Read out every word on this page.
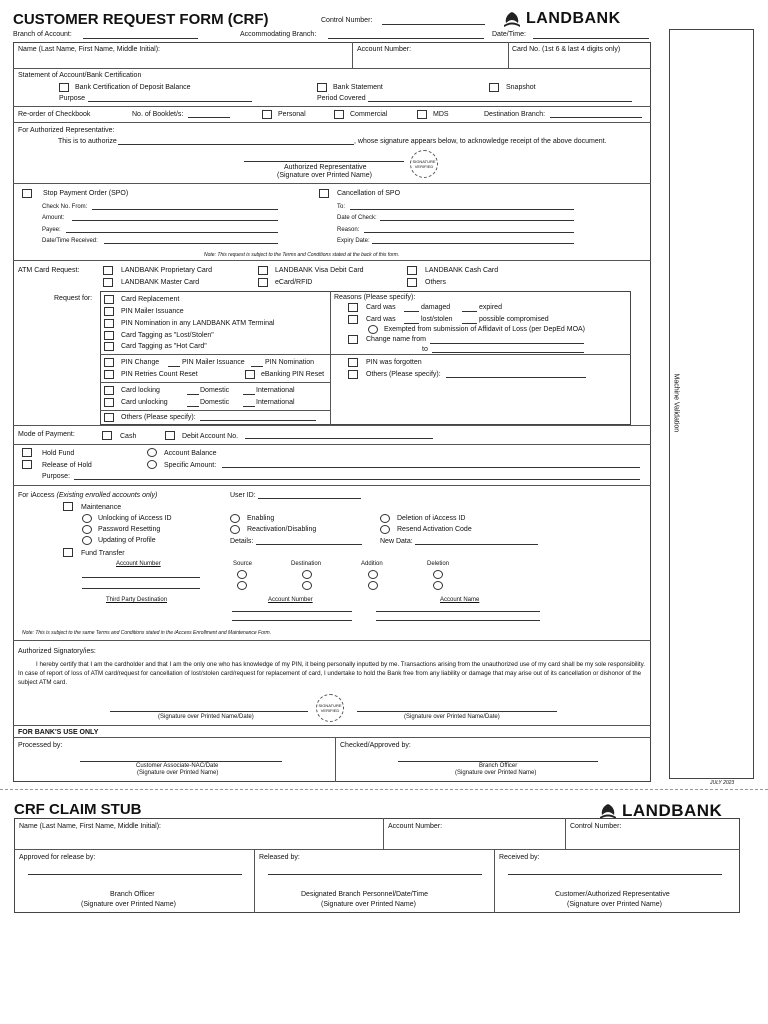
CUSTOMER REQUEST FORM (CRF)	Control Number:	LANDBANK
Branch of Account:	Accommodating Branch:	Date/Time:
Machine Validation
JULY 2023
Name (Last Name, First Name, Middle Initial):	Account Number:	Card No. (1st 6 & last 4 digits only)
Statement of Account/Bank Certification
Bank Certification of Deposit Balance	Bank Statement	Snapshot
Purpose	Period Covered
Re-order of Checkbook	No. of Booklet/s:	Personal	Commercial	MDS	Destination Branch:
For Authorized Representative:
This is to authorize	, whose signature appears below, to acknowledge receipt of the above document.
Authorized Representative
(Signature over Printed Name)
SIGNATURE VERIFIED
Stop Payment Order (SPO)	Cancellation of SPO
Check No. From:	To:
Amount:	Date of Check:
Payee:	Reason:
Date/Time Received:	Expiry Date:
Note: This request is subject to the Terms and Conditions stated at the back of this form.
ATM Card Request:	LANDBANK Proprietary Card	LANDBANK Visa Debit Card	LANDBANK Cash Card
LANDBANK Master Card	eCard/RFID	Others
Request for:	Card Replacement
PIN Mailer Issuance
PIN Nomination in any LANDBANK ATM Terminal
Card Tagging as "Lost/Stolen"
Card Tagging as "Hot Card"
PIN Change	PIN Mailer Issuance	PIN Nomination
PIN Retries Count Reset	eBanking PIN Reset
Card locking	Domestic	International
Card unlocking	Domestic	International
Others (Please specify):
Reasons (Please specify):
Card was	damaged	expired
Card was	lost/stolen	possible compromised
Exempted from submission of Affidavit of Loss (per DepEd MOA)
Change name from
to
PIN was forgotten
Others (Please specify):
Mode of Payment:	Cash	Debit Account No.
Hold Fund
Release of Hold
Purpose:
Account Balance
Specific Amount:
For iAccess (Existing enrolled accounts only)	User ID:
Maintenance
Unlocking of iAccess ID
Password Resetting
Updating of Profile
Enabling
Reactivation/Disabling
Details:
Deletion of iAccess ID
Resend Activation Code
New Data:
Fund Transfer
Account Number	Source	Destination	Addition	Deletion
Third Party Destination	Account Number	Account Name
Note: This is subject to the same Terms and Conditions stated in the iAccess Enrollment and Maintenance Form.
Authorized Signatory/ies:
I hereby certify that I am the cardholder and that I am the only one who has knowledge of my PIN, it being personally inputted by me. Transactions arising from the unauthorized use of my card shall be my sole responsibility. In case of report of loss of ATM card/request for cancellation of lost/stolen card/request for replacement of card, I undertake to hold the Bank free from any liability or damage that may arise out of its cancellation or dishonor of the subject ATM card.
(Signature over Printed Name/Date)
SIGNATURE VERIFIED
(Signature over Printed Name/Date)
FOR BANK'S USE ONLY
Processed by:	Checked/Approved by:
Customer Associate-NAC/Date
(Signature over Printed Name)
Branch Officer
(Signature over Printed Name)
CRF CLAIM STUB	LANDBANK
Name (Last Name, First Name, Middle Initial):	Account Number:	Control Number:
Approved for release by:	Released by:	Received by:
Branch Officer
(Signature over Printed Name)
Designated Branch Personnel/Date/Time
(Signature over Printed Name)
Customer/Authorized Representative
(Signature over Printed Name)
